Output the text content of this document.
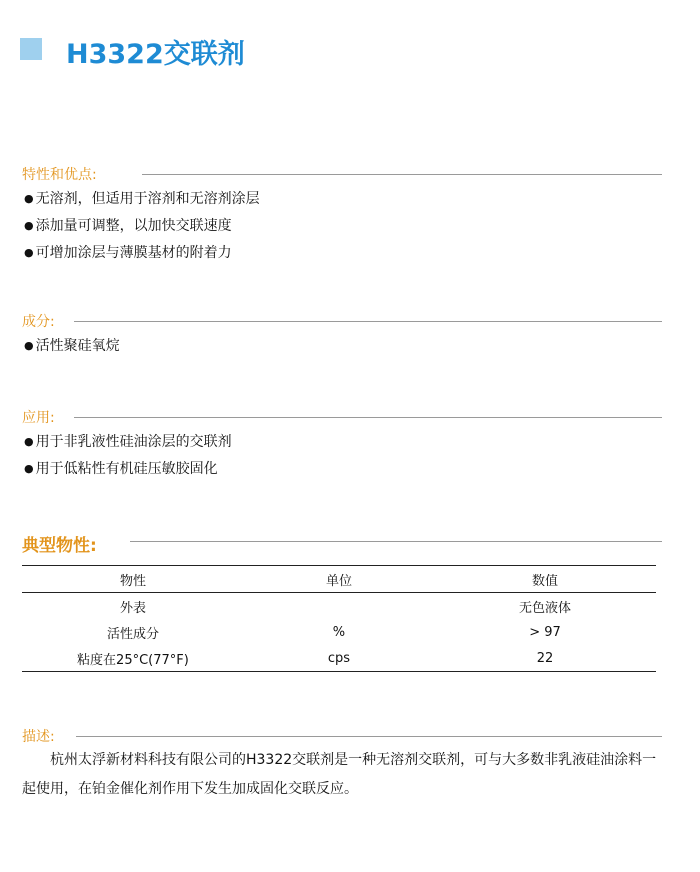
H3322交联剂
特性和优点:
● 无溶剂，但适用于溶剂和无溶剂涂层
● 添加量可调整，以加快交联速度
● 可增加涂层与薄膜基材的附着力
成分:
● 活性聚硅氧烷
应用:
● 用于非乳液性硅油涂层的交联剂
● 用于低粘性有机硅压敏胶固化
典型物性:
物性	单位	数值
外表		无色液体
活性成分	%	> 97
粘度在25°C(77°F)	cps	22
描述:
杭州太浮新材料科技有限公司的H3322交联剂是一种无溶剂交联剂，可与大多数非乳液硅油涂料一起使用，在铂金催化剂作用下发生加成固化交联反应。
